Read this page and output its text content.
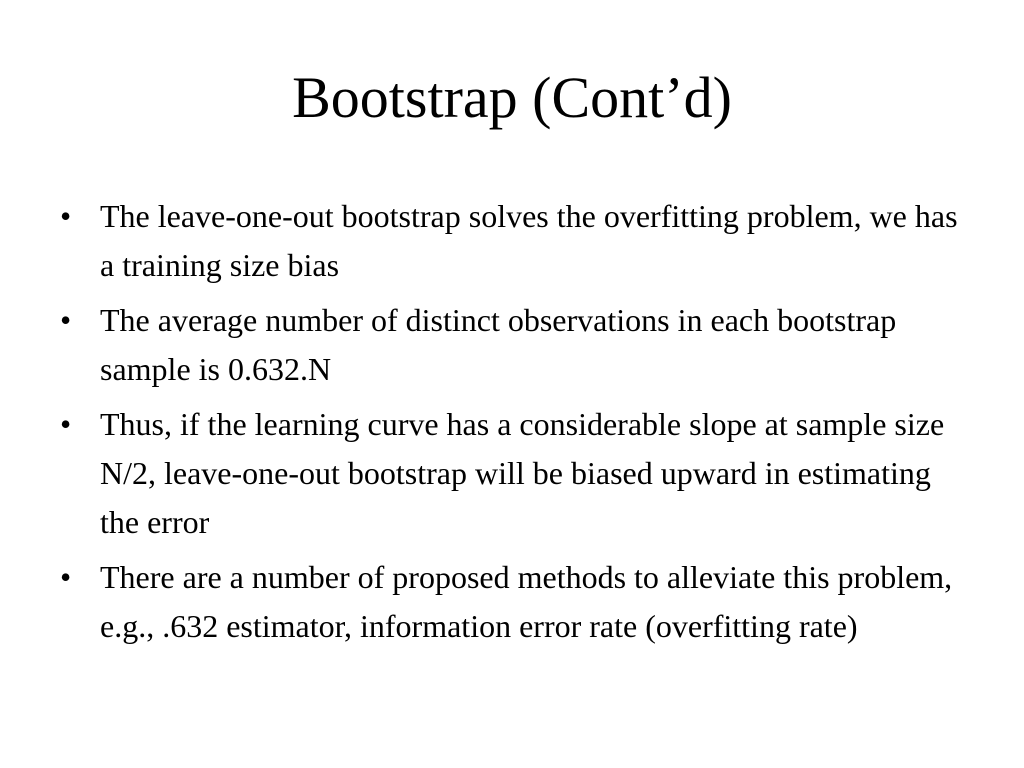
Bootstrap (Cont’d)
• The leave-one-out bootstrap solves the overfitting problem, we has a training size bias
• The average number of distinct observations in each bootstrap sample is 0.632.N
• Thus, if the learning curve has a considerable slope at sample size N/2, leave-one-out bootstrap will be biased upward in estimating the error
• There are a number of proposed methods to alleviate this problem, e.g., .632 estimator, information error rate (overfitting rate)
